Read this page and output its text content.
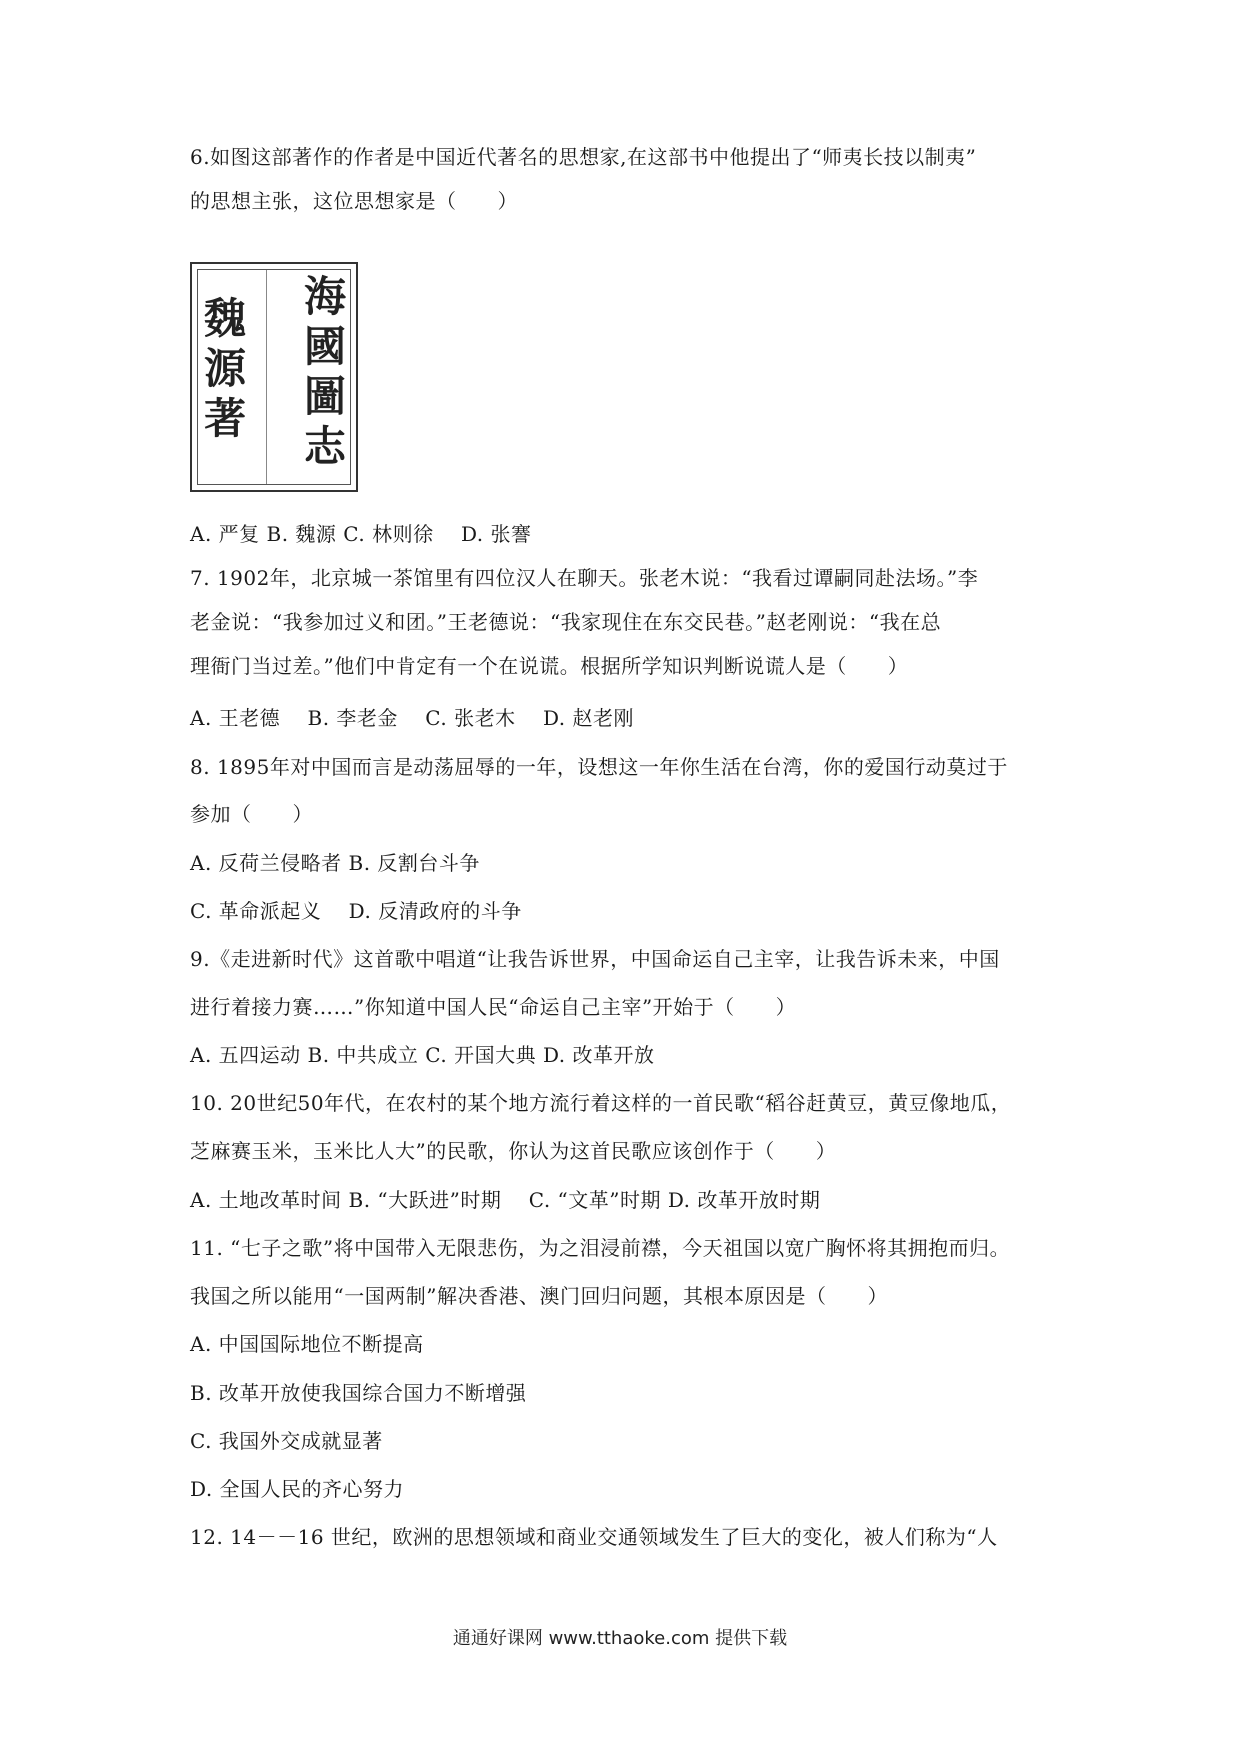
6.如图这部著作的作者是中国近代著名的思想家,在这部书中他提出了“师夷长技以制夷”
的思想主张，这位思想家是（　　）
海
國
圖
志
魏
源
著
A. 严复 B. 魏源 C. 林则徐　 D. 张謇
7. 1902年，北京城一茶馆里有四位汉人在聊天。张老木说：“我看过谭嗣同赴法场。”李
老金说：“我参加过义和团。”王老德说：“我家现住在东交民巷。”赵老刚说：“我在总
理衙门当过差。”他们中肯定有一个在说谎。根据所学知识判断说谎人是（　　）
A. 王老德　 B. 李老金　 C. 张老木　 D. 赵老刚
8. 1895年对中国而言是动荡屈辱的一年，设想这一年你生活在台湾，你的爱国行动莫过于
参加（　　）
A. 反荷兰侵略者 B. 反割台斗争
C. 革命派起义　 D. 反清政府的斗争
9.《走进新时代》这首歌中唱道“让我告诉世界，中国命运自己主宰，让我告诉未来，中国
进行着接力赛……”你知道中国人民“命运自己主宰”开始于（　　）
A. 五四运动 B. 中共成立 C. 开国大典 D. 改革开放
10. 20世纪50年代，在农村的某个地方流行着这样的一首民歌“稻谷赶黄豆，黄豆像地瓜，
芝麻赛玉米，玉米比人大”的民歌，你认为这首民歌应该创作于（　　）
A. 土地改革时间 B. “大跃进”时期　 C. “文革”时期 D. 改革开放时期
11. “七子之歌”将中国带入无限悲伤，为之泪浸前襟，今天祖国以宽广胸怀将其拥抱而归。
我国之所以能用“一国两制”解决香港、澳门回归问题，其根本原因是（　　）
A. 中国国际地位不断提高
B. 改革开放使我国综合国力不断增强
C. 我国外交成就显著
D. 全国人民的齐心努力
12. 14－－16 世纪，欧洲的思想领域和商业交通领域发生了巨大的变化，被人们称为“人
通通好课网 www.tthaoke.com 提供下载
